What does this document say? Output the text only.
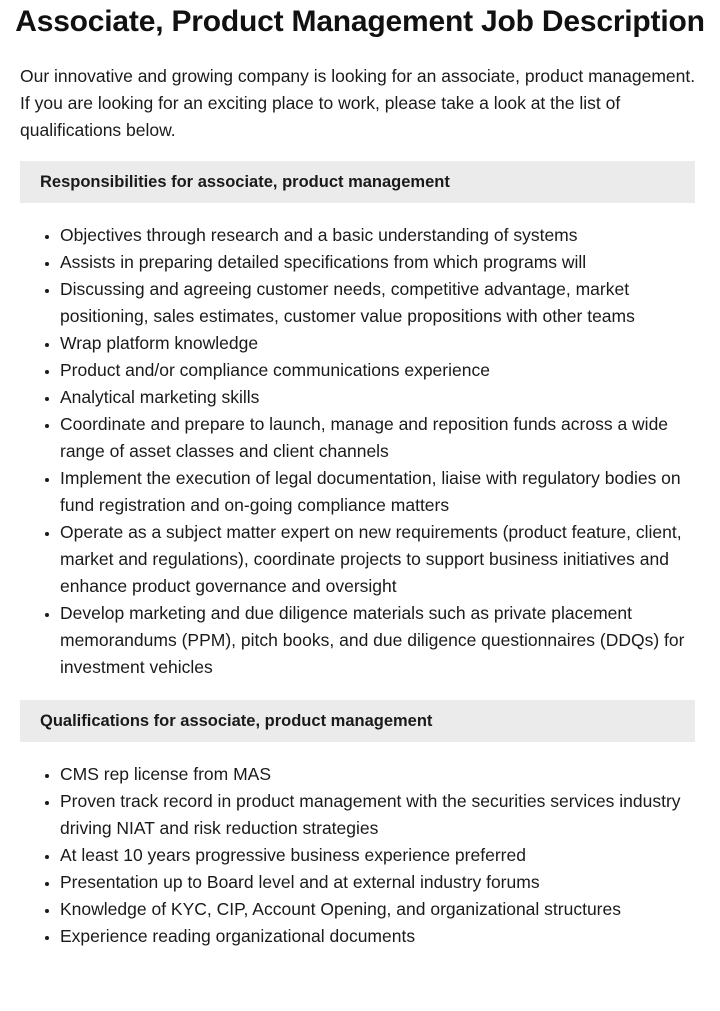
Associate, Product Management Job Description

Our innovative and growing company is looking for an associate, product management. If you are looking for an exciting place to work, please take a look at the list of qualifications below.

Responsibilities for associate, product management
• Objectives through research and a basic understanding of systems
• Assists in preparing detailed specifications from which programs will
• Discussing and agreeing customer needs, competitive advantage, market positioning, sales estimates, customer value propositions with other teams
• Wrap platform knowledge
• Product and/or compliance communications experience
• Analytical marketing skills
• Coordinate and prepare to launch, manage and reposition funds across a wide range of asset classes and client channels
• Implement the execution of legal documentation, liaise with regulatory bodies on fund registration and on-going compliance matters
• Operate as a subject matter expert on new requirements (product feature, client, market and regulations), coordinate projects to support business initiatives and enhance product governance and oversight
• Develop marketing and due diligence materials such as private placement memorandums (PPM), pitch books, and due diligence questionnaires (DDQs) for investment vehicles
Qualifications for associate, product management
• CMS rep license from MAS
• Proven track record in product management with the securities services industry driving NIAT and risk reduction strategies
• At least 10 years progressive business experience preferred
• Presentation up to Board level and at external industry forums
• Knowledge of KYC, CIP, Account Opening, and organizational structures
• Experience reading organizational documents
